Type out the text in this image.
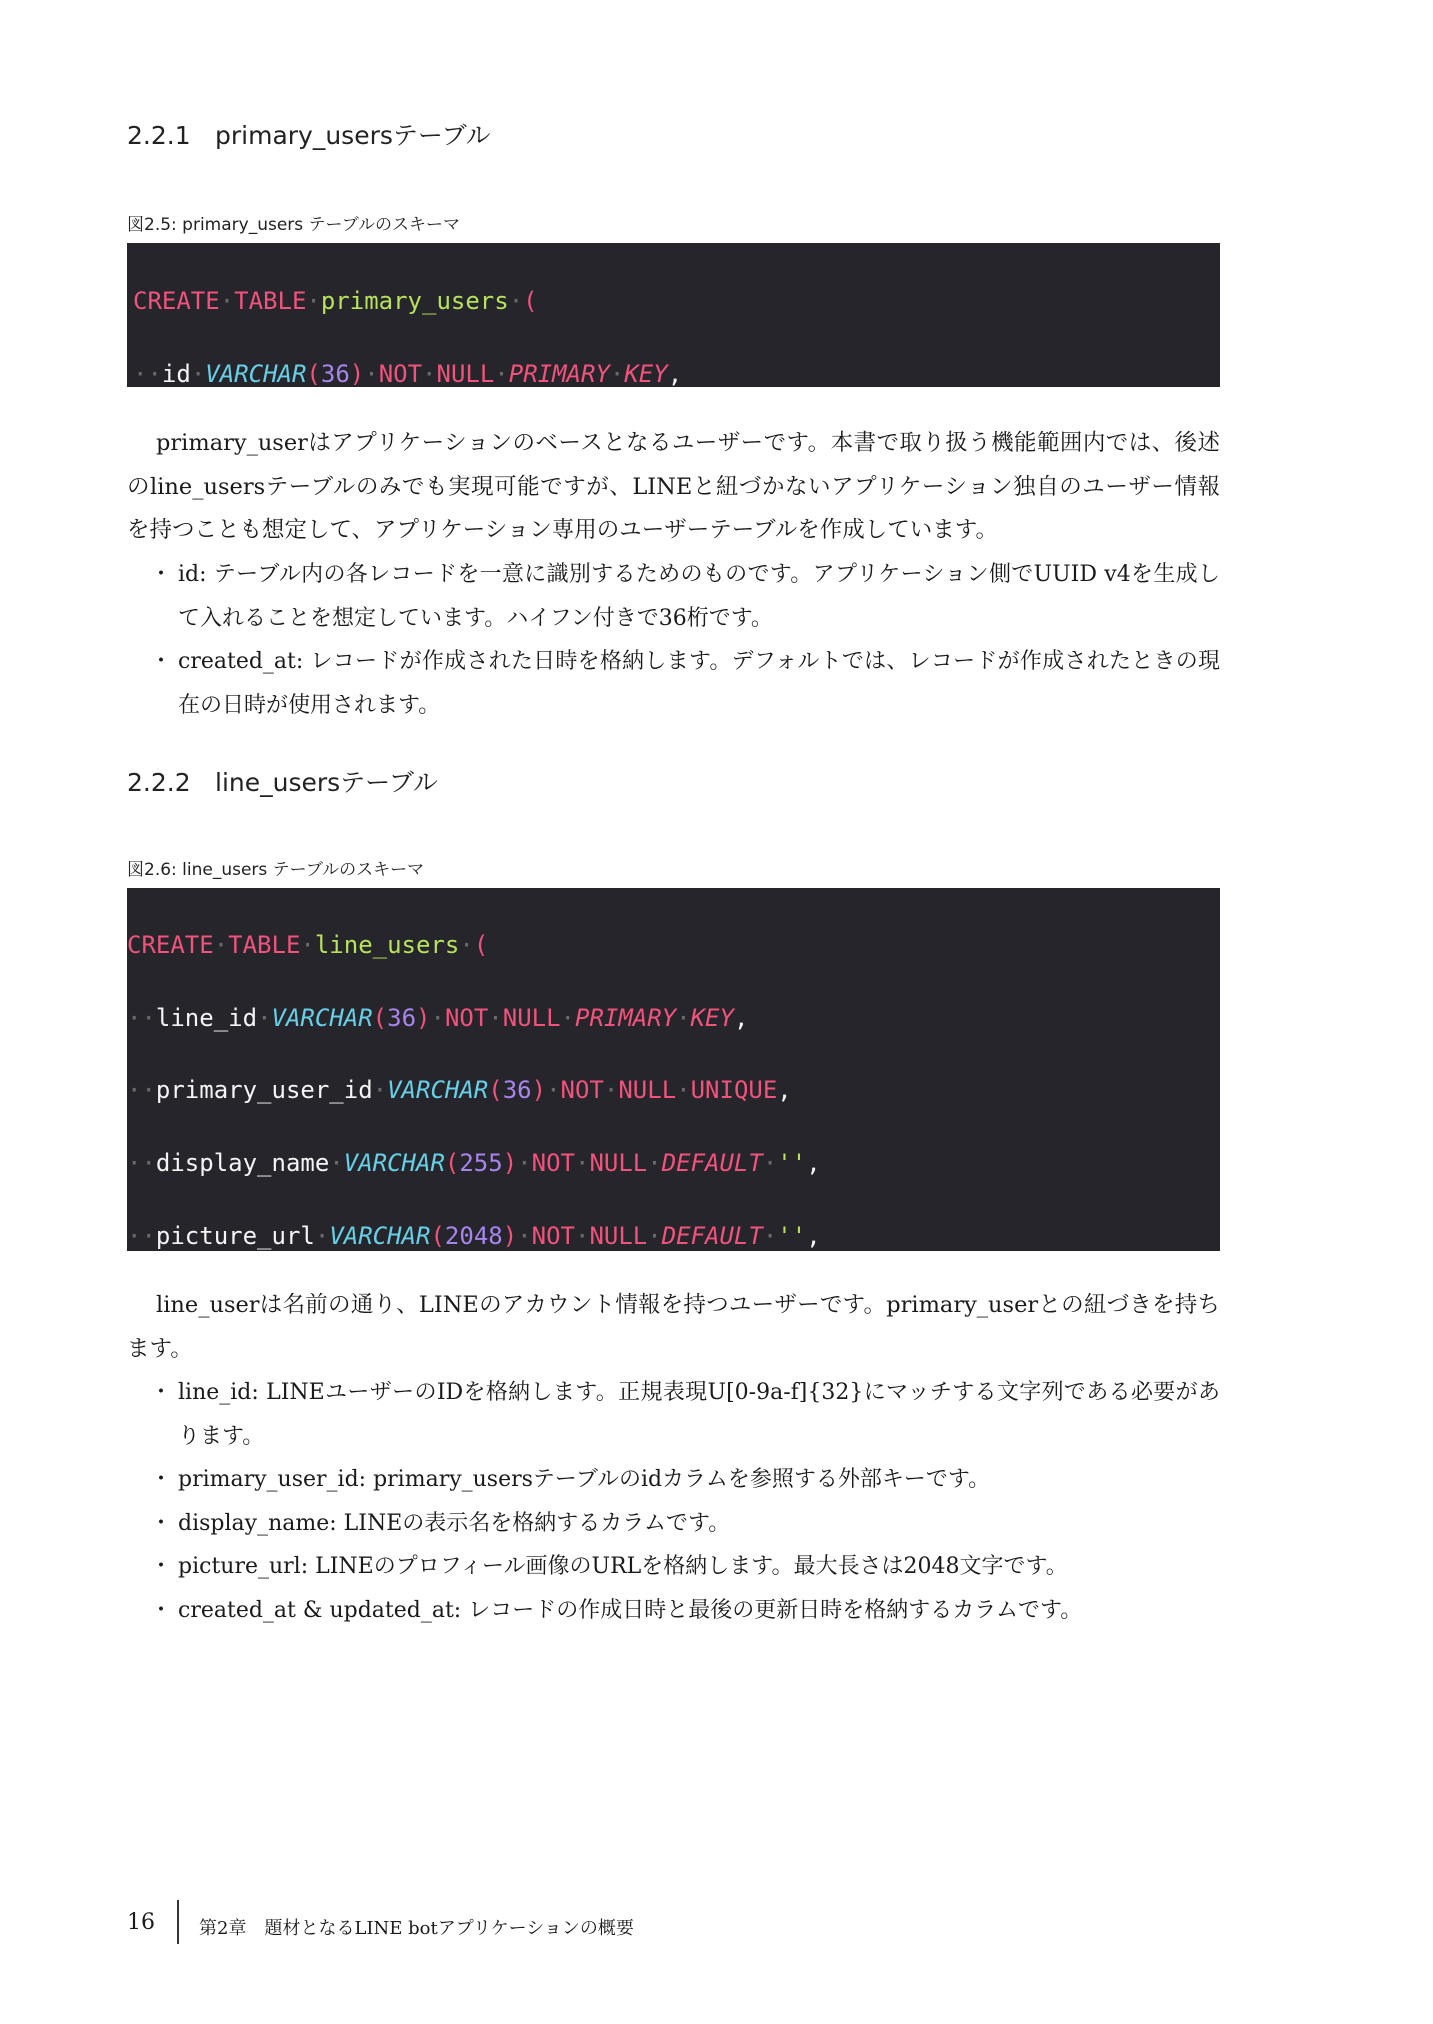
2.2.1 primary_usersテーブル
図2.5: primary_users テーブルのスキーマ

CREATE·TABLE·primary_users·(

··id·VARCHAR(36)·NOT·NULL·PRIMARY·KEY,

primary_userはアプリケーションのベースとなるユーザーです。本書で取り扱う機能範囲内では、後述のline_usersテーブルのみでも実現可能ですが、LINEと紐づかないアプリケーション独自のユーザー情報を持つことも想定して、アプリケーション専用のユーザーテーブルを作成しています。
・ id: テーブル内の各レコードを一意に識別するためのものです。アプリケーション側でUUID v4を生成して入れることを想定しています。ハイフン付きで36桁です。
・ created_at: レコードが作成された日時を格納します。デフォルトでは、レコードが作成されたときの現在の日時が使用されます。
2.2.2 line_usersテーブル
図2.6: line_users テーブルのスキーマ

CREATE·TABLE·line_users·(

··line_id·VARCHAR(36)·NOT·NULL·PRIMARY·KEY,

··primary_user_id·VARCHAR(36)·NOT·NULL·UNIQUE,

··display_name·VARCHAR(255)·NOT·NULL·DEFAULT·'',

··picture_url·VARCHAR(2048)·NOT·NULL·DEFAULT·'',

line_userは名前の通り、LINEのアカウント情報を持つユーザーです。primary_userとの紐づきを持ちます。
・ line_id: LINEユーザーのIDを格納します。正規表現U[0-9a-f]{32}にマッチする文字列である必要があります。
・ primary_user_id: primary_usersテーブルのidカラムを参照する外部キーです。
・ display_name: LINEの表示名を格納するカラムです。
・ picture_url: LINEのプロフィール画像のURLを格納します。最大長さは2048文字です。
・ created_at & updated_at: レコードの作成日時と最後の更新日時を格納するカラムです。
16 第2章　題材となるLINE botアプリケーションの概要
